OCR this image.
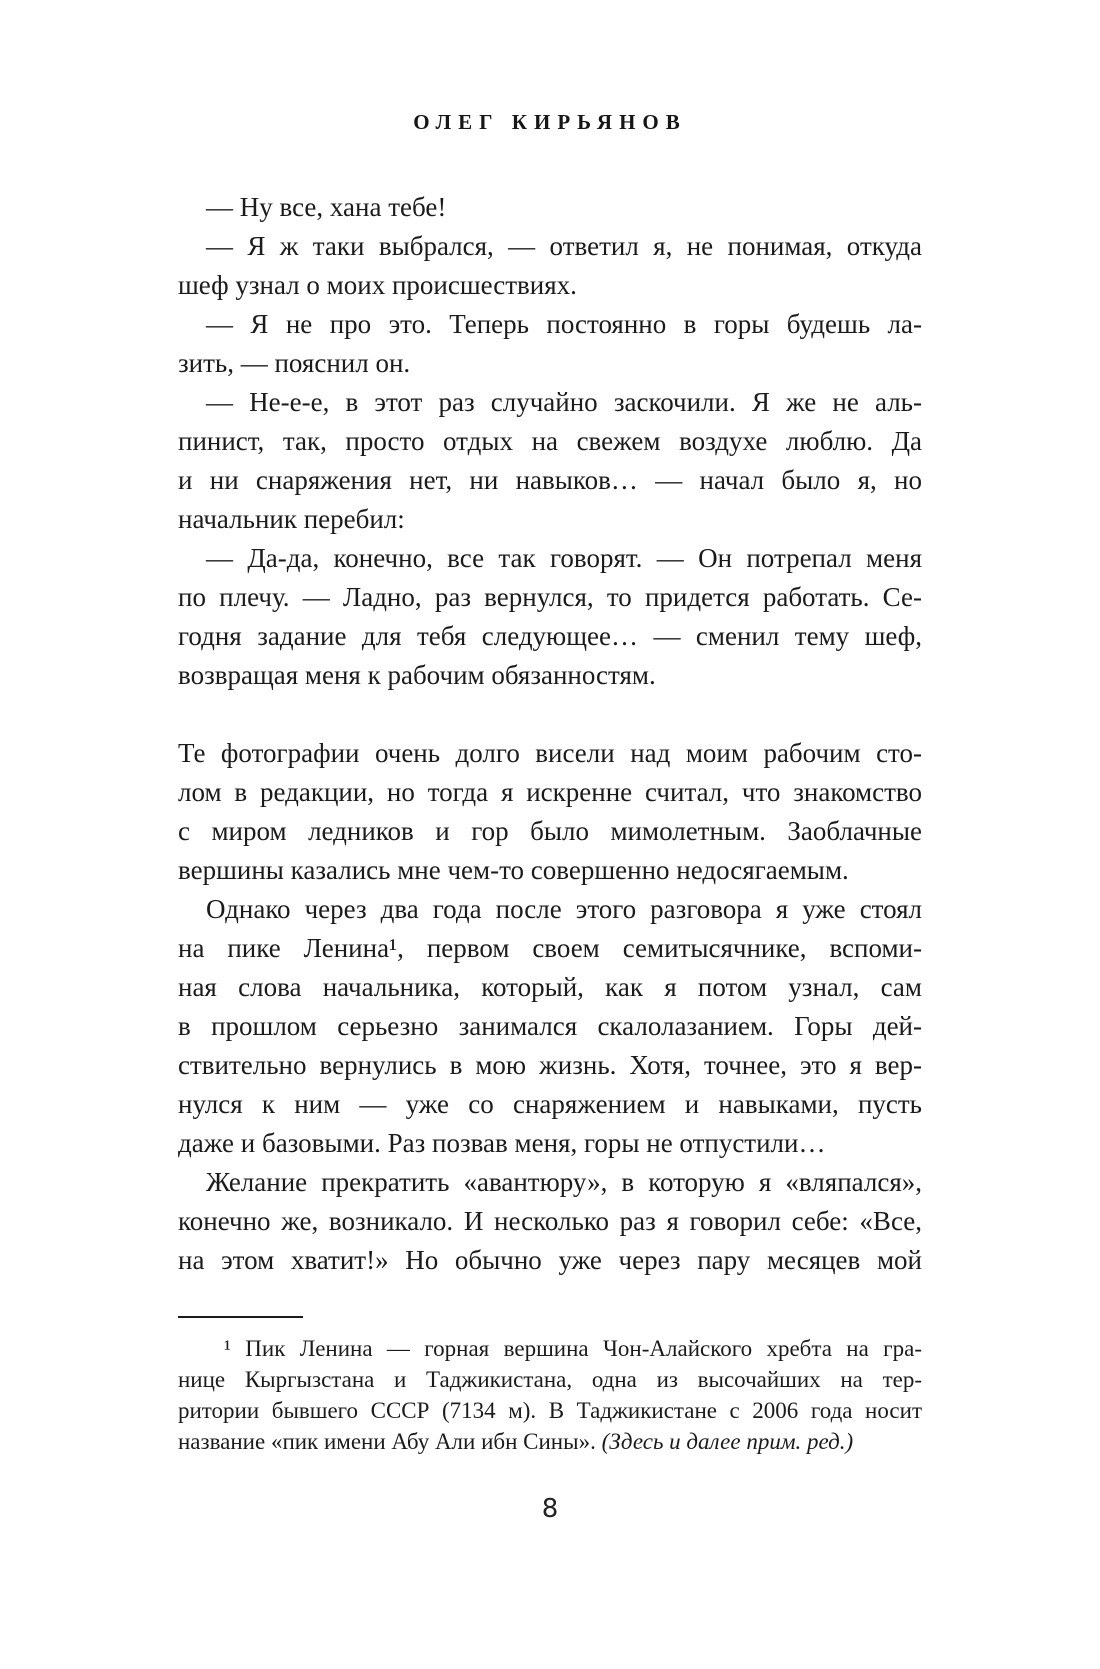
ОЛЕГ КИРЬЯНОВ
— Ну все, хана тебе!
— Я ж таки выбрался, — ответил я, не понимая, откуда
шеф узнал о моих происшествиях.
— Я не про это. Теперь постоянно в горы будешь ла-
зить, — пояснил он.
— Не-е-е, в этот раз случайно заскочили. Я же не аль-
пинист, так, просто отдых на свежем воздухе люблю. Да
и ни снаряжения нет, ни навыков… — начал было я, но
начальник перебил:
— Да-да, конечно, все так говорят. — Он потрепал меня
по плечу. — Ладно, раз вернулся, то придется работать. Се-
годня задание для тебя следующее… — сменил тему шеф,
возвращая меня к рабочим обязанностям.
Те фотографии очень долго висели над моим рабочим сто-
лом в редакции, но тогда я искренне считал, что знакомство
с миром ледников и гор было мимолетным. Заоблачные
вершины казались мне чем-то совершенно недосягаемым.
Однако через два года после этого разговора я уже стоял
на пике Ленина¹, первом своем семитысячнике, вспоми-
ная слова начальника, который, как я потом узнал, сам
в прошлом серьезно занимался скалолазанием. Горы дей-
ствительно вернулись в мою жизнь. Хотя, точнее, это я вер-
нулся к ним — уже со снаряжением и навыками, пусть
даже и базовыми. Раз позвав меня, горы не отпустили…
Желание прекратить «авантюру», в которую я «вляпался»,
конечно же, возникало. И несколько раз я говорил себе: «Все,
на этом хватит!» Но обычно уже через пару месяцев мой
¹ Пик Ленина — горная вершина Чон-Алайского хребта на гра-
нице Кыргызстана и Таджикистана, одна из высочайших на тер-
ритории бывшего СССР (7134 м). В Таджикистане с 2006 года носит
название «пик имени Абу Али ибн Сины». (Здесь и далее прим. ред.)
8
